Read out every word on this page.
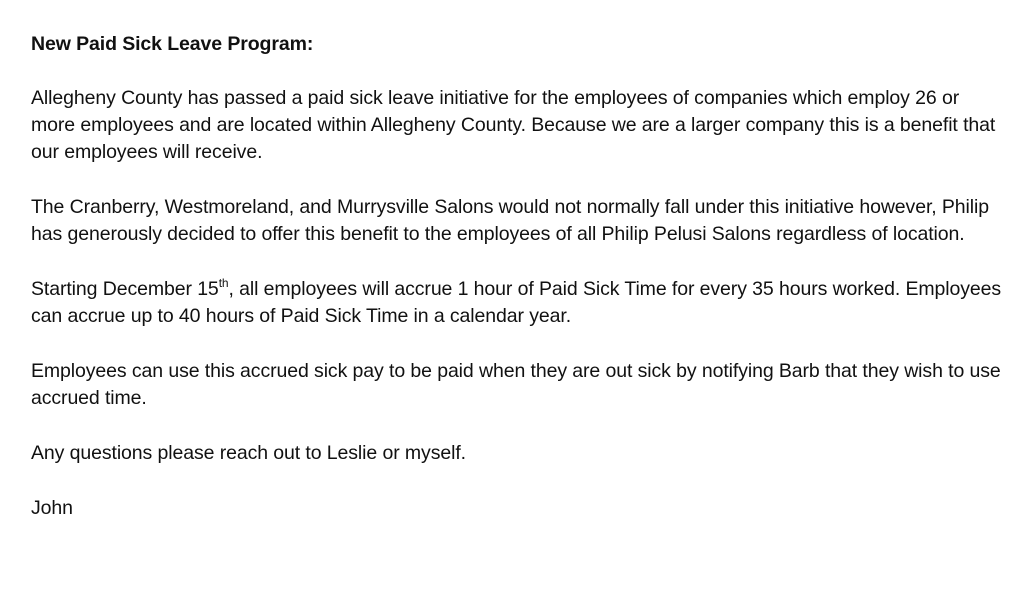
New Paid Sick Leave Program:

Allegheny County has passed a paid sick leave initiative for the employees of companies which employ 26 or more employees and are located within Allegheny County. Because we are a larger company this is a benefit that our employees will receive.

The Cranberry, Westmoreland, and Murrysville Salons would not normally fall under this initiative however, Philip has generously decided to offer this benefit to the employees of all Philip Pelusi Salons regardless of location.

Starting December 15th, all employees will accrue 1 hour of Paid Sick Time for every 35 hours worked. Employees can accrue up to 40 hours of Paid Sick Time in a calendar year.

Employees can use this accrued sick pay to be paid when they are out sick by notifying Barb that they wish to use accrued time.

Any questions please reach out to Leslie or myself.

John
